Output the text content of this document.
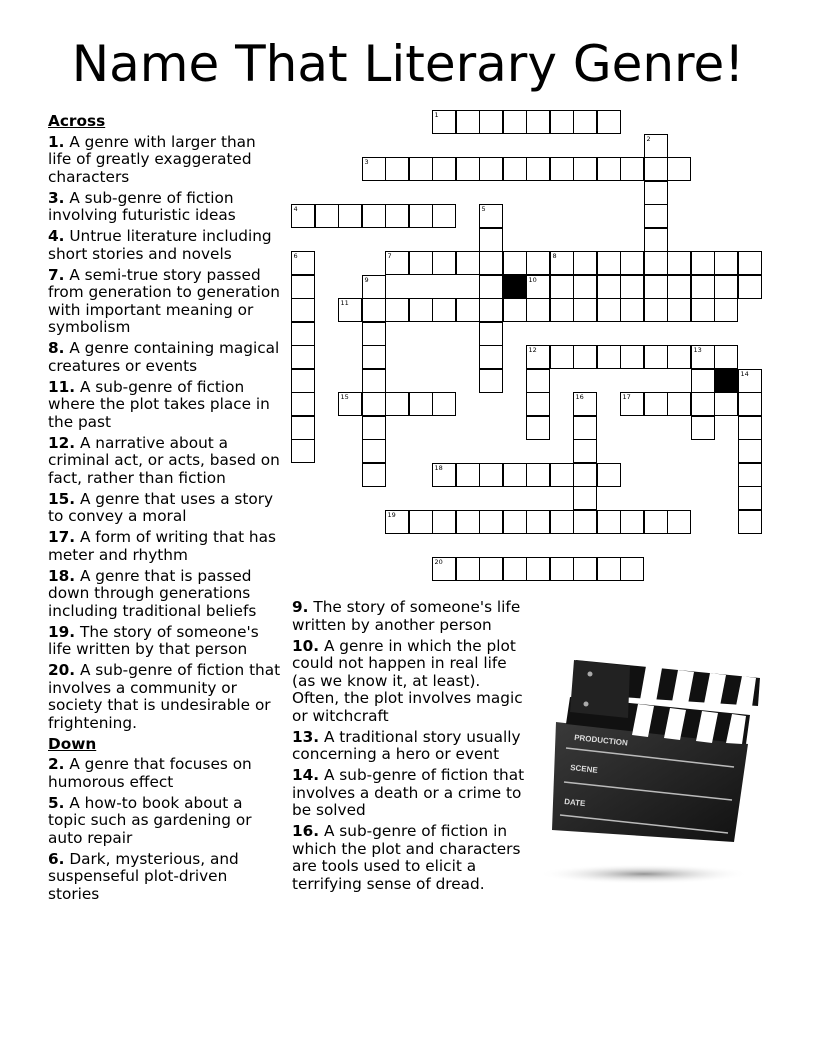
Name That Literary Genre!
Across
1. A genre with larger than life of greatly exaggerated characters
3. A sub-genre of fiction involving futuristic ideas
4. Untrue literature including short stories and novels
7. A semi-true story passed from generation to generation with important meaning or symbolism
8. A genre containing magical creatures or events
11. A sub-genre of fiction where the plot takes place in the past
12. A narrative about a criminal act, or acts, based on fact, rather than fiction
15. A genre that uses a story to convey a moral
17. A form of writing that has meter and rhythm
18. A genre that is passed down through generations including traditional beliefs
19. The story of someone's life written by that person
20. A sub-genre of fiction that involves a community or society that is undesirable or frightening.
Down
2. A genre that focuses on humorous effect
5. A how-to book about a topic such as gardening or auto repair
6. Dark, mysterious, and suspenseful plot-driven stories
9. The story of someone's life written by another person
10. A genre in which the plot could not happen in real life (as we know it, at least). Often, the plot involves magic or witchcraft
13. A traditional story usually concerning a hero or event
14. A sub-genre of fiction that involves a death or a crime to be solved
16. A sub-genre of fiction in which the plot and characters are tools used to elicit a terrifying sense of dread.
1
2
3
4	5
6	7	8
9	10
11
12	13
14
15	16	17
18
19
20
PRODUCTION
SCENE
DATE
